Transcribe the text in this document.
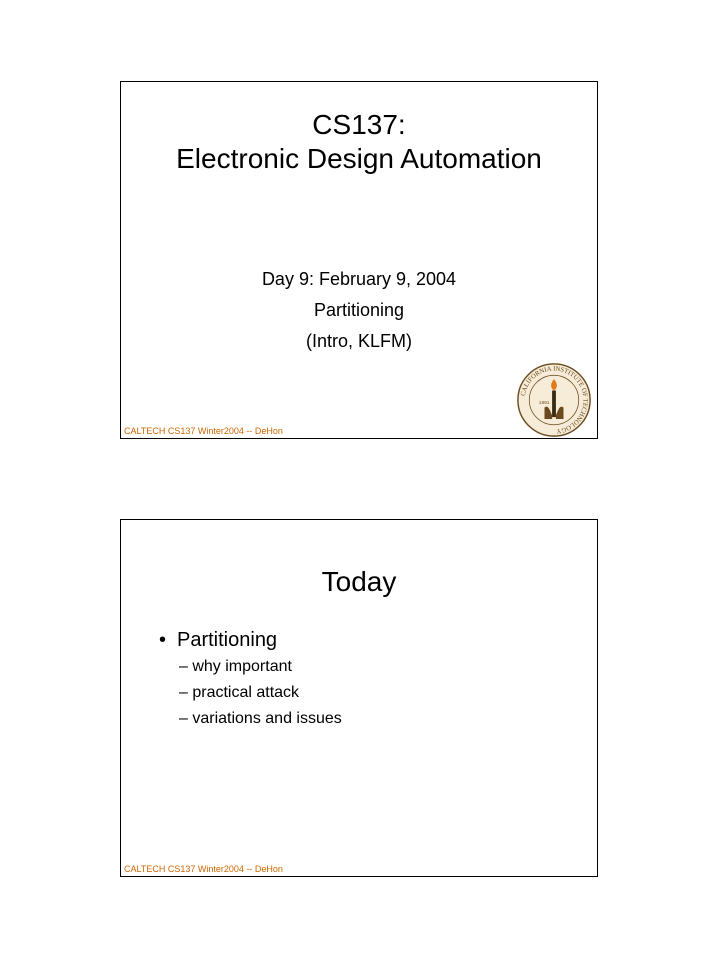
CS137:
Electronic Design Automation
Day 9: February 9, 2004
Partitioning
(Intro, KLFM)
CALIFORNIA INSTITUTE OF TECHNOLOGY
1891
CALTECH CS137 Winter2004 -- DeHon
Today
• Partitioning
– why important
– practical attack
– variations and issues
CALTECH CS137 Winter2004 -- DeHon
